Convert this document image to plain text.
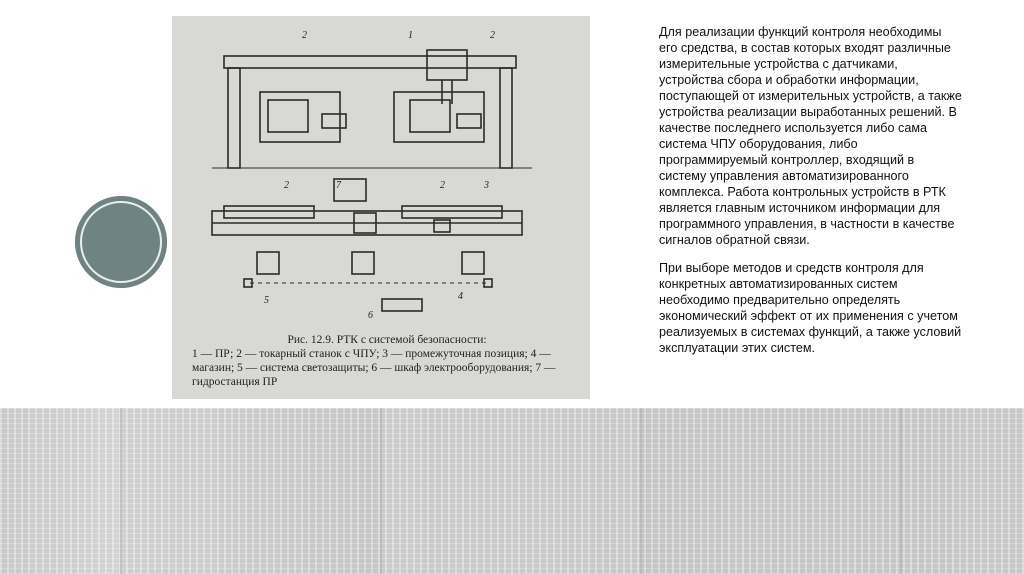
1
2	2
2	2	3
4
5
6
7
Рис. 12.9. РТК с системой безопасности:
1 — ПР; 2 — токарный станок с ЧПУ; 3 — промежуточная позиция; 4 — магазин; 5 — система светозащиты; 6 — шкаф электрооборудования; 7 — гидростанция ПР

Для реализации функций контроля необходимы его средства, в состав которых входят различные измерительные устройства с датчиками, устройства сбора и обработки информации, поступающей от измерительных устройств, а также устройства реализации выработанных решений. В качестве последнего используется либо сама система ЧПУ оборудования, либо программируемый контроллер, входящий в систему управления автоматизированного комплекса. Работа контрольных устройств в РТК является главным источником информации для программного управления, в частности в качестве сигналов обратной связи.

При выборе методов и средств контроля для конкретных автоматизированных систем необходимо предварительно определять экономический эффект от их применения с учетом реализуемых в системах функций, а также условий эксплуатации этих систем.
